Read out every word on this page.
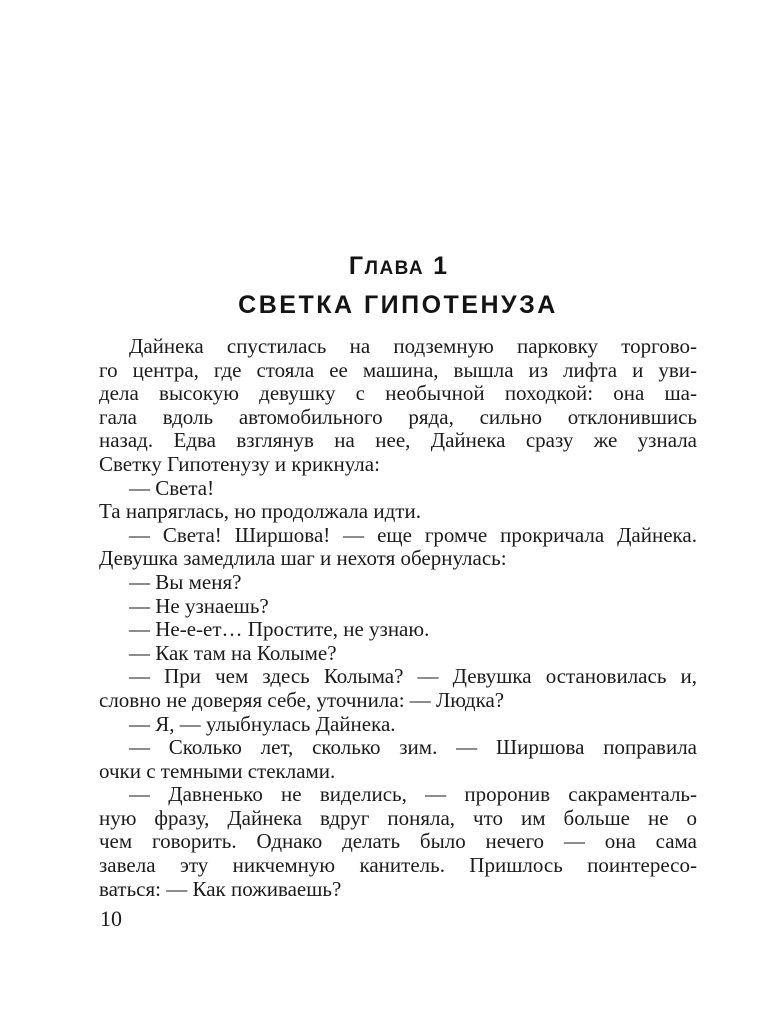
ГЛАВА 1
СВЕТКА ГИПОТЕНУЗА
Дайнека спустилась на подземную парковку торгово-
го центра, где стояла ее машина, вышла из лифта и уви-
дела высокую девушку с необычной походкой: она ша-
гала вдоль автомобильного ряда, сильно отклонившись
назад. Едва взглянув на нее, Дайнека сразу же узнала
Светку Гипотенузу и крикнула:
— Света!
Та напряглась, но продолжала идти.
— Света! Ширшова! — еще громче прокричала Дайнека.
Девушка замедлила шаг и нехотя обернулась:
— Вы меня?
— Не узнаешь?
— Не-е-ет… Простите, не узнаю.
— Как там на Колыме?
— При чем здесь Колыма? — Девушка остановилась и,
словно не доверяя себе, уточнила: — Людка?
— Я, — улыбнулась Дайнека.
— Сколько лет, сколько зим. — Ширшова поправила
очки с темными стеклами.
— Давненько не виделись, — проронив сакраменталь-
ную фразу, Дайнека вдруг поняла, что им больше не о
чем говорить. Однако делать было нечего — она сама
завела эту никчемную канитель. Пришлось поинтересо-
ваться: — Как поживаешь?
10
